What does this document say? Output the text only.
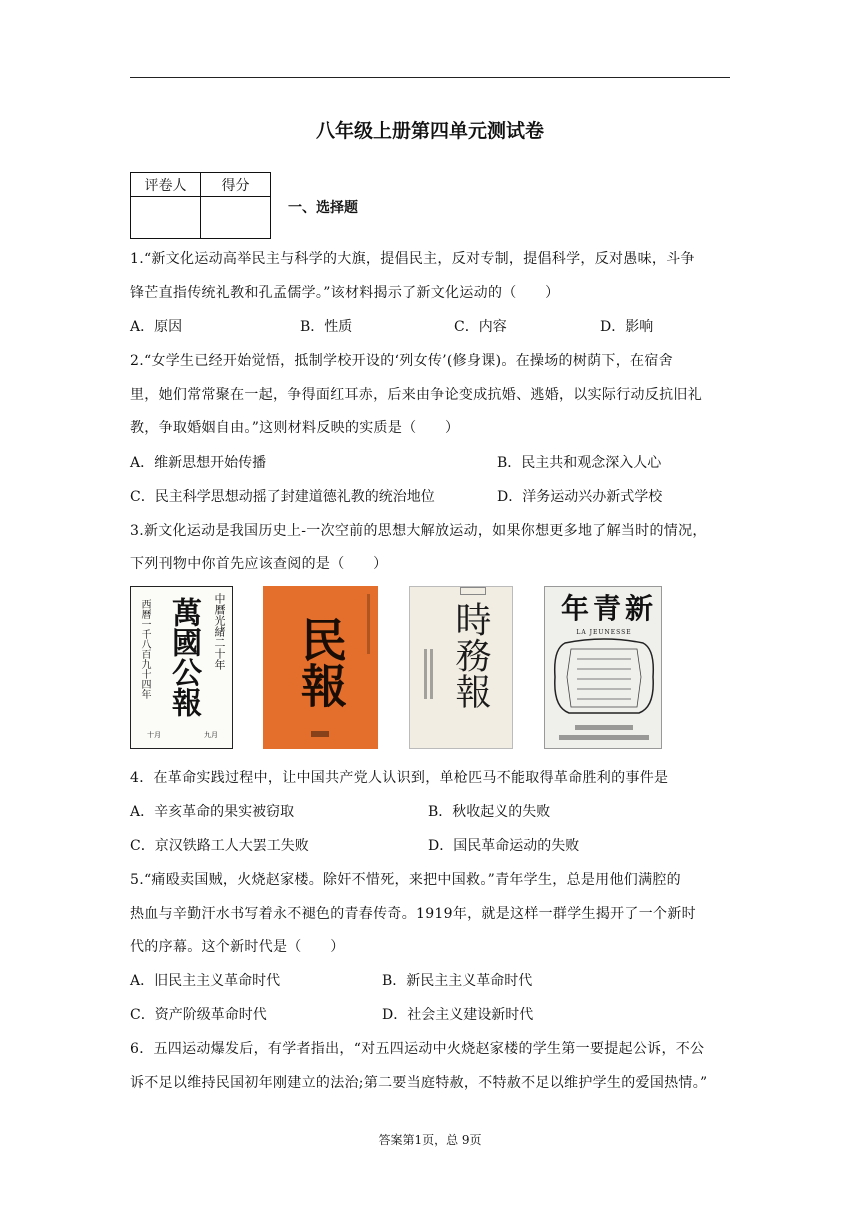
八年级上册第四单元测试卷
评卷人	得分

一、选择题
1.“新文化运动高举民主与科学的大旗，提倡民主，反对专制，提倡科学，反对愚味，斗争
锋芒直指传统礼教和孔孟儒学。”该材料揭示了新文化运动的（　　）
A．原因	B．性质	C．内容	D．影响
2.“女学生已经开始觉悟，抵制学校开设的‘列女传’(修身课)。在操场的树荫下，在宿舍
里，她们常常聚在一起，争得面红耳赤，后来由争论变成抗婚、逃婚，以实际行动反抗旧礼
教，争取婚姻自由。”这则材料反映的实质是（　　）
A．维新思想开始传播	B．民主共和观念深入人心
C．民主科学思想动摇了封建道德礼教的统治地位	D．洋务运动兴办新式学校
3.新文化运动是我国历史上-一次空前的思想大解放运动，如果你想更多地了解当时的情况，
下列刊物中你首先应该查阅的是（　　）
西曆一千八百九十四年 萬國公報 中曆光緒二十年
十月	九月
民報	時務報	新青年
LA JEUNESSE
4．在革命实践过程中，让中国共产党人认识到，单枪匹马不能取得革命胜利的事件是
A．辛亥革命的果实被窃取	B．秋收起义的失败
C．京汉铁路工人大罢工失败	D．国民革命运动的失败
5.“痛殴卖国贼，火烧赵家楼。除奸不惜死，来把中国救。”青年学生，总是用他们满腔的
热血与辛勤汗水书写着永不褪色的青春传奇。1919年，就是这样一群学生揭开了一个新时
代的序幕。这个新时代是（　　）
A．旧民主主义革命时代	B．新民主主义革命时代
C．资产阶级革命时代	D．社会主义建设新时代
6．五四运动爆发后，有学者指出，“对五四运动中火烧赵家楼的学生第一要提起公诉，不公
诉不足以维持民国初年刚建立的法治;第二要当庭特赦，不特赦不足以维护学生的爱国热情。”
答案第1页，总 9页
